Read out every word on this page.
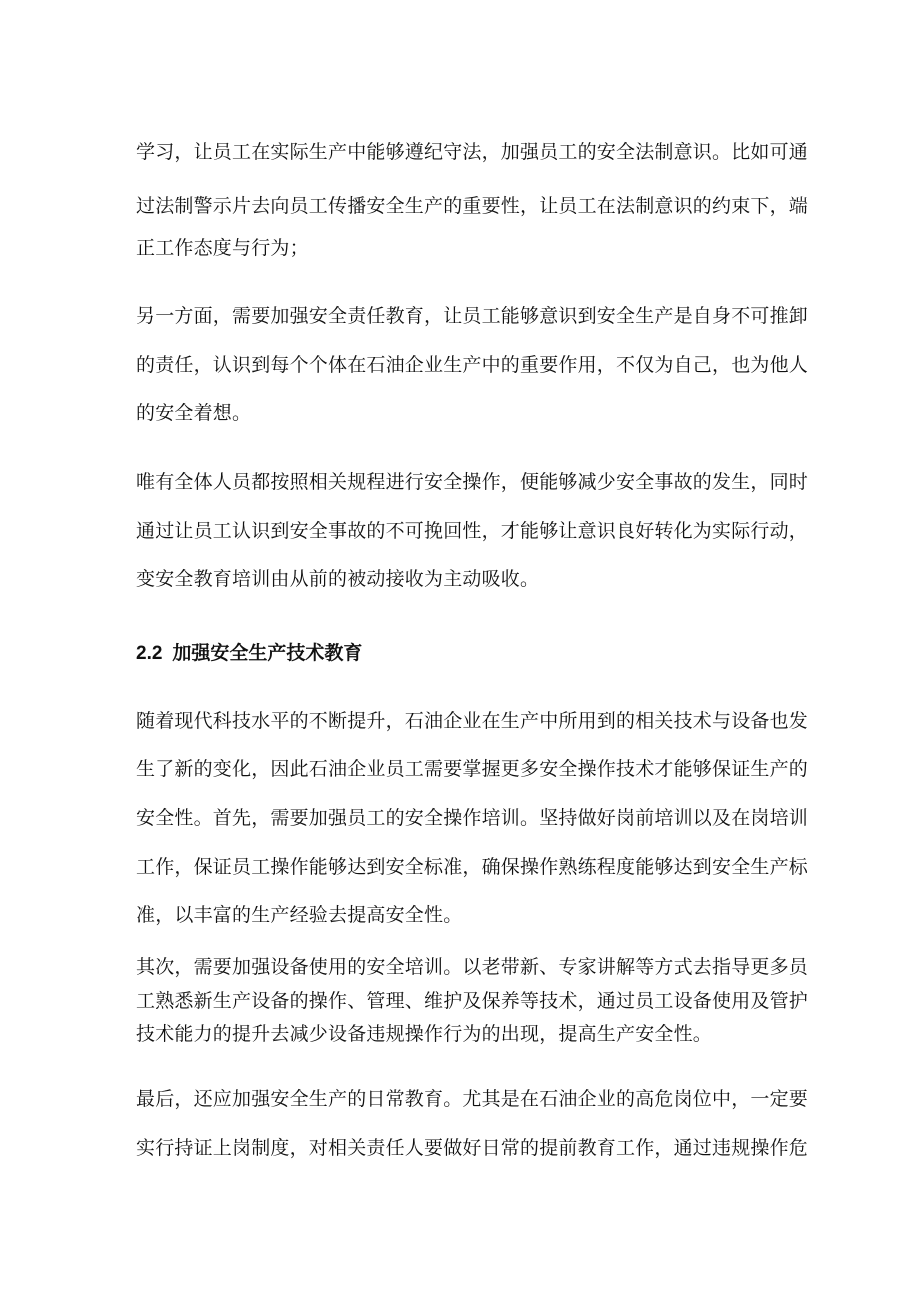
学习，让员工在实际生产中能够遵纪守法，加强员工的安全法制意识。比如可通
过法制警示片去向员工传播安全生产的重要性，让员工在法制意识的约束下，端
正工作态度与行为；
另一方面，需要加强安全责任教育，让员工能够意识到安全生产是自身不可推卸
的责任，认识到每个个体在石油企业生产中的重要作用，不仅为自己，也为他人
的安全着想。
唯有全体人员都按照相关规程进行安全操作，便能够减少安全事故的发生，同时
通过让员工认识到安全事故的不可挽回性，才能够让意识良好转化为实际行动，
变安全教育培训由从前的被动接收为主动吸收。
2.2 加强安全生产技术教育
随着现代科技水平的不断提升，石油企业在生产中所用到的相关技术与设备也发
生了新的变化，因此石油企业员工需要掌握更多安全操作技术才能够保证生产的
安全性。首先，需要加强员工的安全操作培训。坚持做好岗前培训以及在岗培训
工作，保证员工操作能够达到安全标准，确保操作熟练程度能够达到安全生产标
准，以丰富的生产经验去提高安全性。
其次，需要加强设备使用的安全培训。以老带新、专家讲解等方式去指导更多员
工熟悉新生产设备的操作、管理、维护及保养等技术，通过员工设备使用及管护
技术能力的提升去减少设备违规操作行为的出现，提高生产安全性。
最后，还应加强安全生产的日常教育。尤其是在石油企业的高危岗位中，一定要
实行持证上岗制度，对相关责任人要做好日常的提前教育工作，通过违规操作危
